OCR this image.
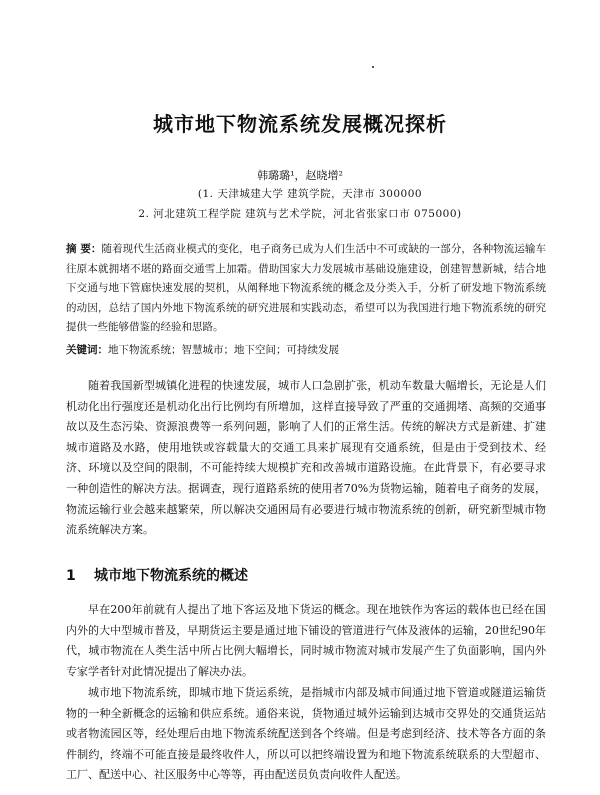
城市地下物流系统发展概况探析
韩璐璐¹，赵晓增²
(1. 天津城建大学 建筑学院，天津市 300000
2. 河北建筑工程学院 建筑与艺术学院，河北省张家口市 075000)
摘 要：随着现代生活商业模式的变化，电子商务已成为人们生活中不可或缺的一部分，各种物流运输车往原本就拥堵不堪的路面交通雪上加霜。借助国家大力发展城市基础设施建设，创建智慧新城，结合地下交通与地下管廊快速发展的契机，从阐释地下物流系统的概念及分类入手，分析了研发地下物流系统的动因，总结了国内外地下物流系统的研究进展和实践动态，希望可以为我国进行地下物流系统的研究提供一些能够借鉴的经验和思路。
关键词：地下物流系统；智慧城市；地下空间；可持续发展

随着我国新型城镇化进程的快速发展，城市人口急剧扩张，机动车数量大幅增长，无论是人们机动化出行强度还是机动化出行比例均有所增加，这样直接导致了严重的交通拥堵、高频的交通事故以及生态污染、资源浪费等一系列问题，影响了人们的正常生活。传统的解决方式是新建、扩建城市道路及水路，使用地铁或容载量大的交通工具来扩展现有交通系统，但是由于受到技术、经济、环境以及空间的限制，不可能持续大规模扩充和改善城市道路设施。在此背景下，有必要寻求一种创造性的解决方法。据调查，现行道路系统的使用者70%为货物运输，随着电子商务的发展，物流运输行业会越来越繁荣，所以解决交通困局有必要进行城市物流系统的创新，研究新型城市物流系统解决方案。

1 城市地下物流系统的概述

早在200年前就有人提出了地下客运及地下货运的概念。现在地铁作为客运的载体也已经在国内外的大中型城市普及，早期货运主要是通过地下铺设的管道进行气体及液体的运输，20世纪90年代，城市物流在人类生活中所占比例大幅增长，同时城市物流对城市发展产生了负面影响，国内外专家学者针对此情况提出了解决办法。

城市地下物流系统，即城市地下货运系统，是指城市内部及城市间通过地下管道或隧道运输货物的一种全新概念的运输和供应系统。通俗来说，货物通过城外运输到达城市交界处的交通货运站或者物流园区等，经处理后由地下物流系统配送到各个终端。但是考虑到经济、技术等各方面的条件制约，终端不可能直接是最终收件人，所以可以把终端设置为和地下物流系统联系的大型超市、工厂、配送中心、社区服务中心等等，再由配送员负责向收件人配送。
